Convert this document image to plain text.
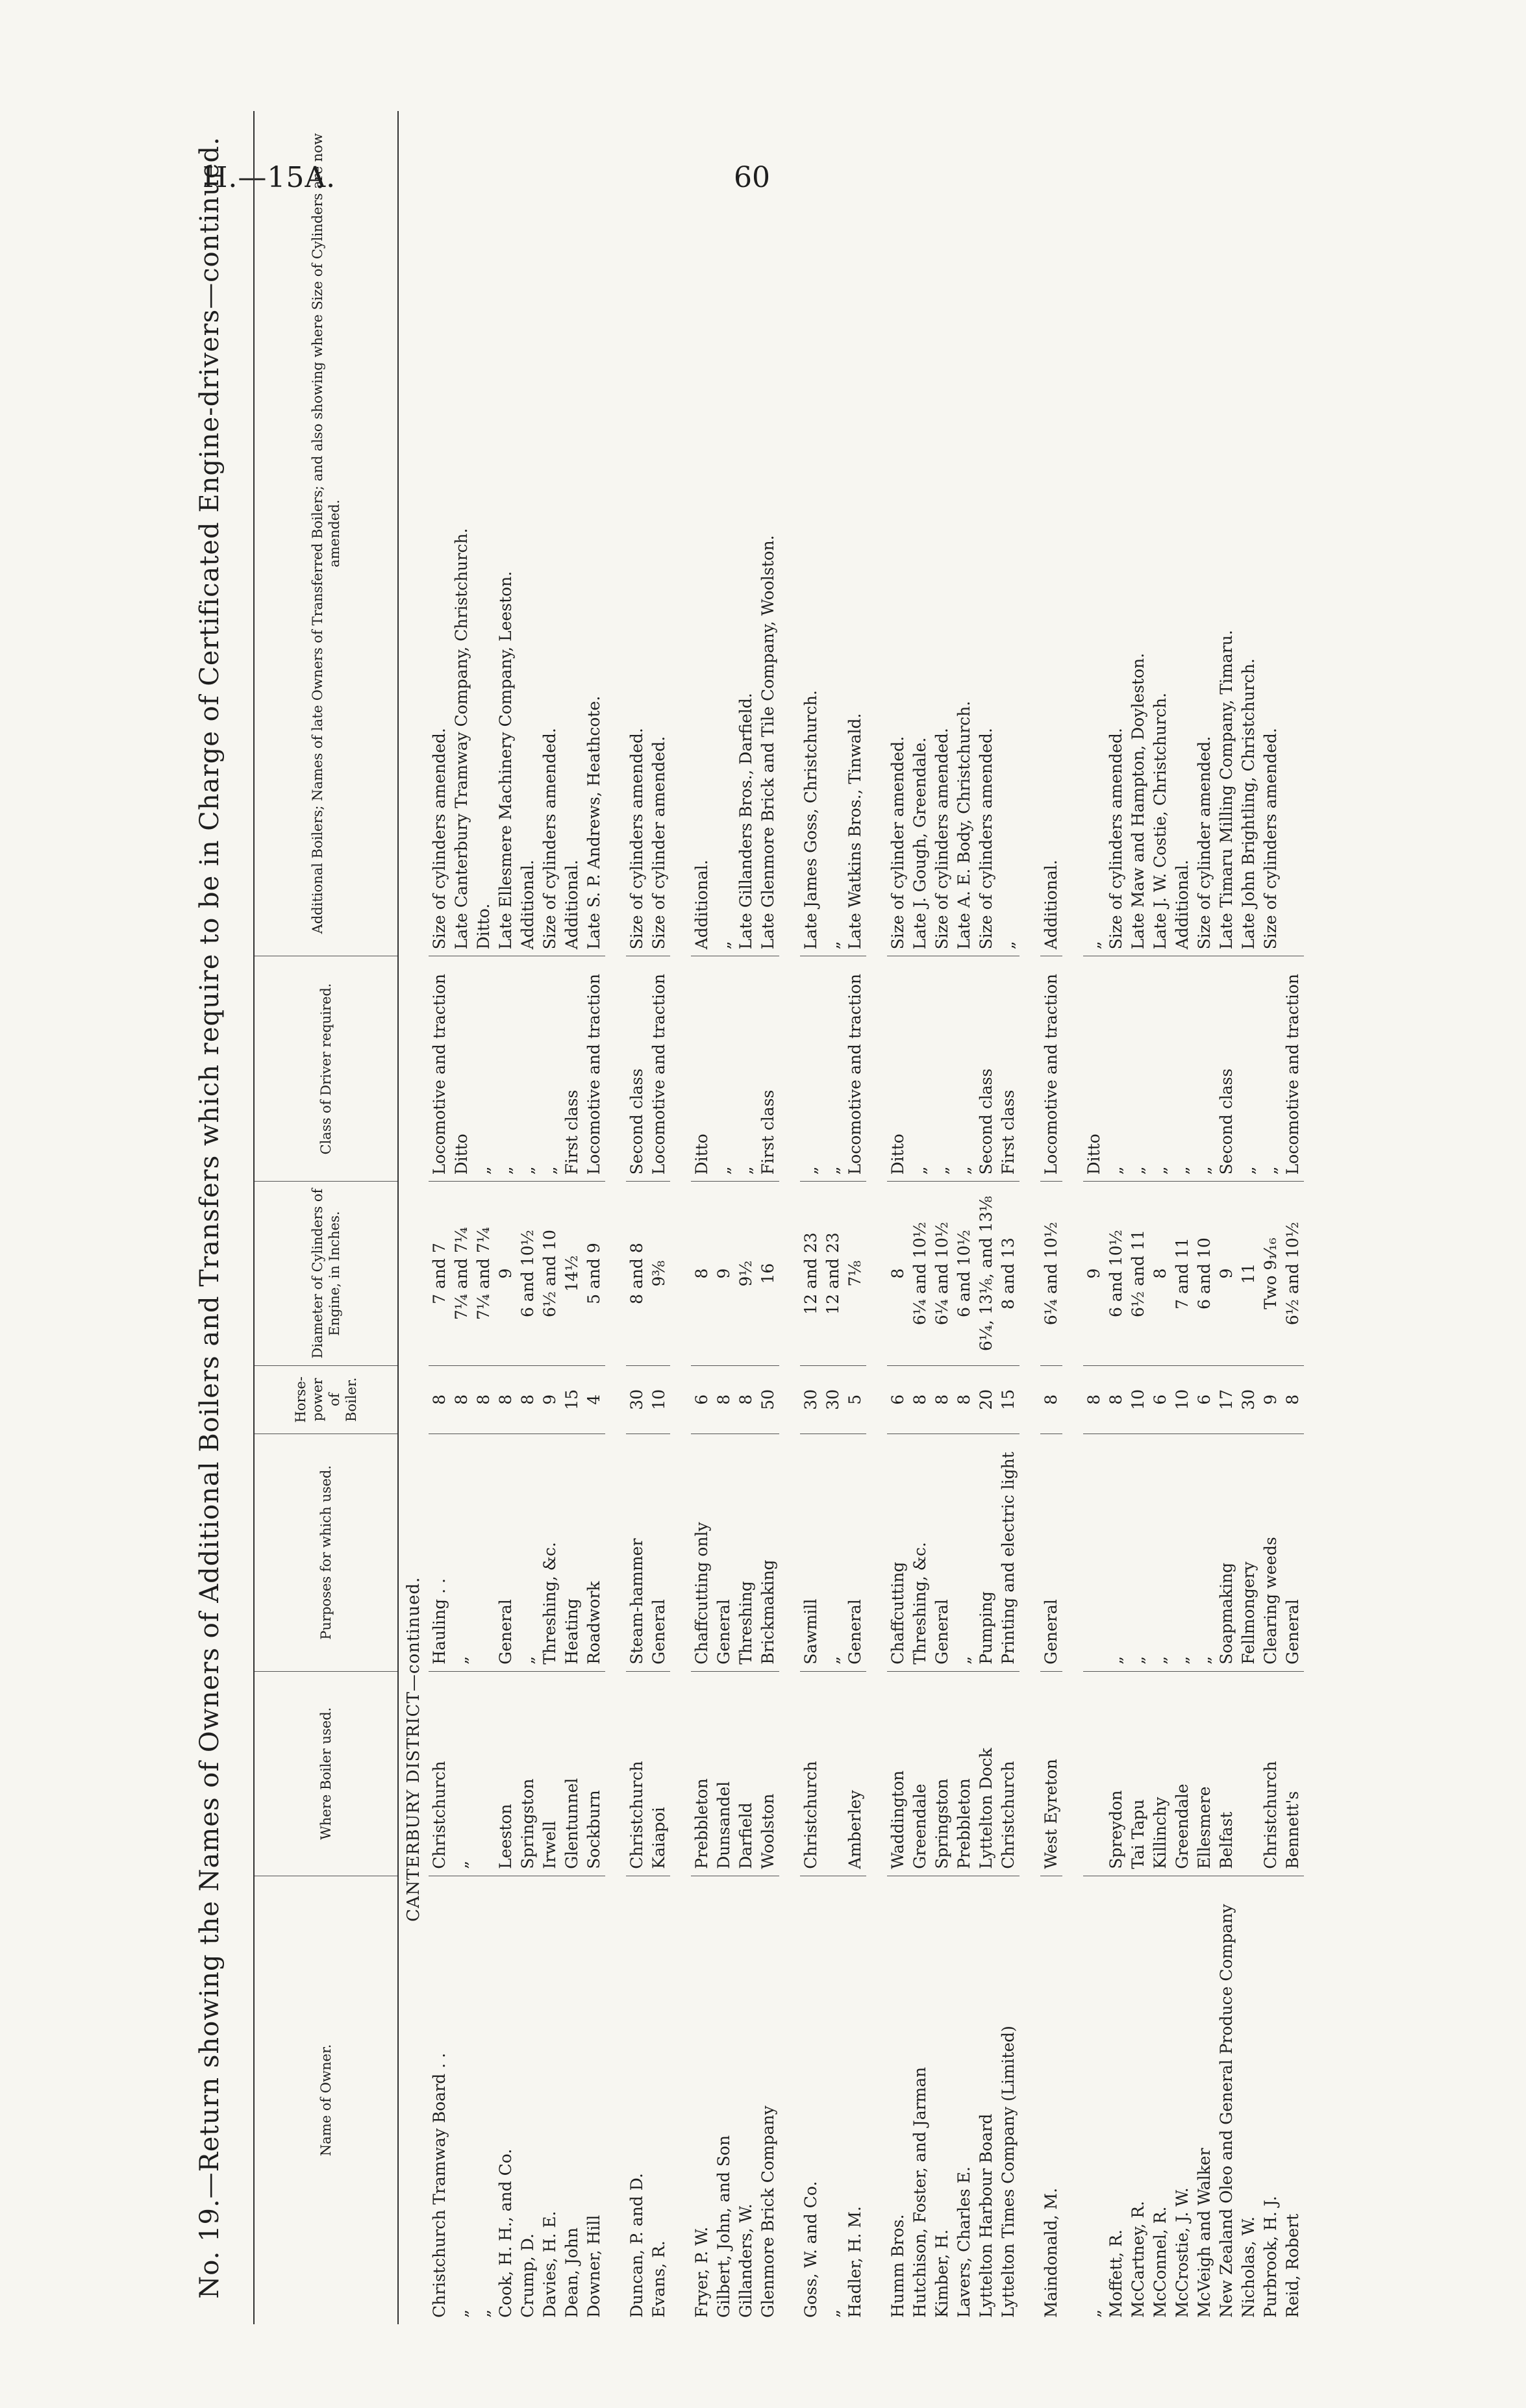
H.—15A.	60
No. 19.—Return showing the Names of Owners of Additional Boilers and Transfers which require to be in Charge of Certificated Engine-drivers—continued.	Name of Owner.	Where Boiler used.	Purposes for which used.	Horse-power of Boiler.	Diameter of Cylinders of Engine, in Inches.	Class of Driver required.	Additional Boilers; Names of late Owners of Transferred Boilers; and also showing where Size of Cylinders are now amended.
CANTERBURY DISTRICT—continued.						
Christchurch Tramway Board . .	Christchurch	Hauling . .	8	7 and 7	Locomotive and traction	Size of cylinders amended.
„	„	„	8	7¼ and 7¼	Ditto	Late Canterbury Tramway Company, Christchurch.
„			8	7¼ and 7¼	„	Ditto.
Cook, H. H., and Co.	Leeston	General	8	9	„	Late Ellesmere Machinery Company, Leeston.
Crump, D.	Springston	„	8	6 and 10½	„	Additional.
Davies, H. E.	Irwell	Threshing, &c.	9	6½ and 10	„	Size of cylinders amended.
Dean, John	Glentunnel	Heating	15	14½	First class	Additional.
Downer, Hill	Sockburn	Roadwork	4	5 and 9	Locomotive and traction	Late S. P. Andrews, Heathcote.

Duncan, P. and D.	Christchurch	Steam-hammer	30	8 and 8	Second class	Size of cylinders amended.
Evans, R.	Kaiapoi	General	10	9⅜	Locomotive and traction	Size of cylinder amended.

Fryer, P. W.	Prebbleton	Chaffcutting only	6	8	Ditto	Additional.
Gilbert, John, and Son	Dunsandel	General	8	9	„	„
Gillanders, W.	Darfield	Threshing	8	9½	„	Late Gillanders Bros., Darfield.
Glenmore Brick Company	Woolston	Brickmaking	50	16	First class	Late Glenmore Brick and Tile Company, Woolston.

Goss, W. and Co.	Christchurch	Sawmill	30	12 and 23	„	Late James Goss, Christchurch.
„		„	30	12 and 23	„	„
Hadler, H. M.	Amberley	General	5	7⅛	Locomotive and traction	Late Watkins Bros., Tinwald.

Humm Bros.	Waddington	Chaffcutting	6	8	Ditto	Size of cylinder amended.
Hutchison, Foster, and Jarman	Greendale	Threshing, &c.	8	6¼ and 10½	„	Late J. Gough, Greendale.
Kimber, H.	Springston	General	8	6¼ and 10½	„	Size of cylinders amended.
Lavers, Charles E.	Prebbleton	„	8	6 and 10½	„	Late A. E. Body, Christchurch.
Lyttelton Harbour Board	Lyttelton Dock	Pumping	20	6¼, 13⅛, and 13⅛	Second class	Size of cylinders amended.
Lyttelton Times Company (Limited)	Christchurch	Printing and electric light	15	8 and 13	First class	„

Maindonald, M.	West Eyreton	General	8	6¼ and 10½	Locomotive and traction	Additional.

„			8	9	Ditto	„
Moffett, R.	Spreydon	„	8	6 and 10½	„	Size of cylinders amended.
McCartney, R.	Tai Tapu	„	10	6½ and 11	„	Late Maw and Hampton, Doyleston.
McConnel, R.	Killinchy	„	6	8	„	Late J. W. Costie, Christchurch.
McCrostie, J. W.	Greendale	„	10	7 and 11	„	Additional.
McVeigh and Walker	Ellesmere	„	6	6 and 10	„	Size of cylinder amended.
New Zealand Oleo and General Produce Company	Belfast	Soapmaking	17	9	Second class	Late Timaru Milling Company, Timaru.
Nicholas, W.		Fellmongery	30	11	„	Late John Brightling, Christchurch.
Purbrook, H. J.	Christchurch	Clearing weeds	9	Two 9₁⁄₁₆	„	Size of cylinders amended.
Reid, Robert	Bennett's	General	8	6½ and 10½	Locomotive and traction	
